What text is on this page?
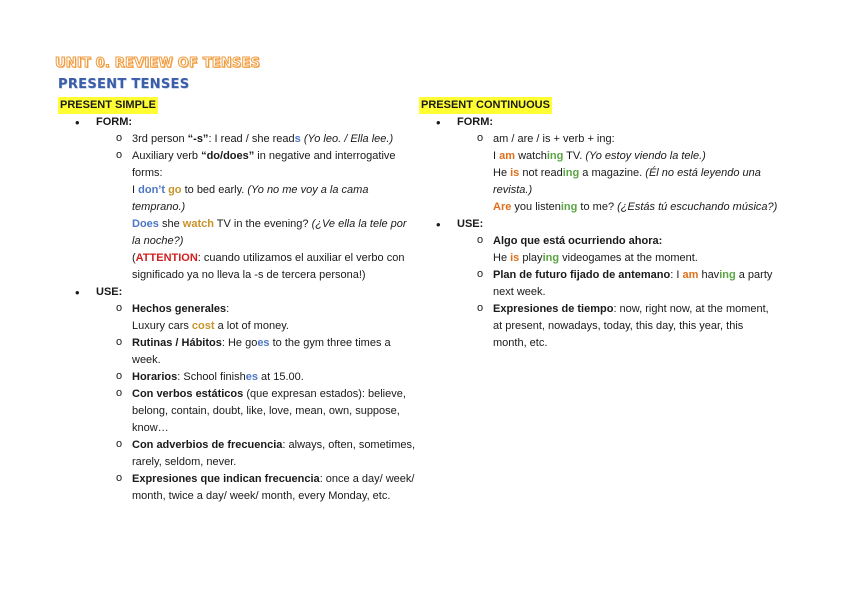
UNIT 0. REVIEW OF TENSES
PRESENT TENSES
PRESENT SIMPLE
• FORM:
o 3rd person “-s”: I read / she reads (Yo leo. / Ella lee.)
o Auxiliary verb “do/does” in negative and interrogative forms:
I don’t go to bed early. (Yo no me voy a la cama temprano.)
Does she watch TV in the evening? (¿Ve ella la tele por la noche?)
(ATTENTION: cuando utilizamos el auxiliar el verbo con significado ya no lleva la -s de tercera persona!)
• USE:
o Hechos generales:
Luxury cars cost a lot of money.
o Rutinas / Hábitos: He goes to the gym three times a week.
o Horarios: School finishes at 15.00.
o Con verbos estáticos (que expresan estados): believe, belong, contain, doubt, like, love, mean, own, suppose, know…
o Con adverbios de frecuencia: always, often, sometimes, rarely, seldom, never.
o Expresiones que indican frecuencia: once a day/ week/ month, twice a day/ week/ month, every Monday, etc.
PRESENT CONTINUOUS
• FORM:
o am / are / is + verb + ing:
I am watching TV. (Yo estoy viendo la tele.)
He is not reading a magazine. (Él no está leyendo una revista.)
Are you listening to me? (¿Estás tú escuchando música?)
• USE:
o Algo que está ocurriendo ahora:
He is playing videogames at the moment.
o Plan de futuro fijado de antemano: I am having a party next week.
o Expresiones de tiempo: now, right now, at the moment, at present, nowadays, today, this day, this year, this month, etc.
